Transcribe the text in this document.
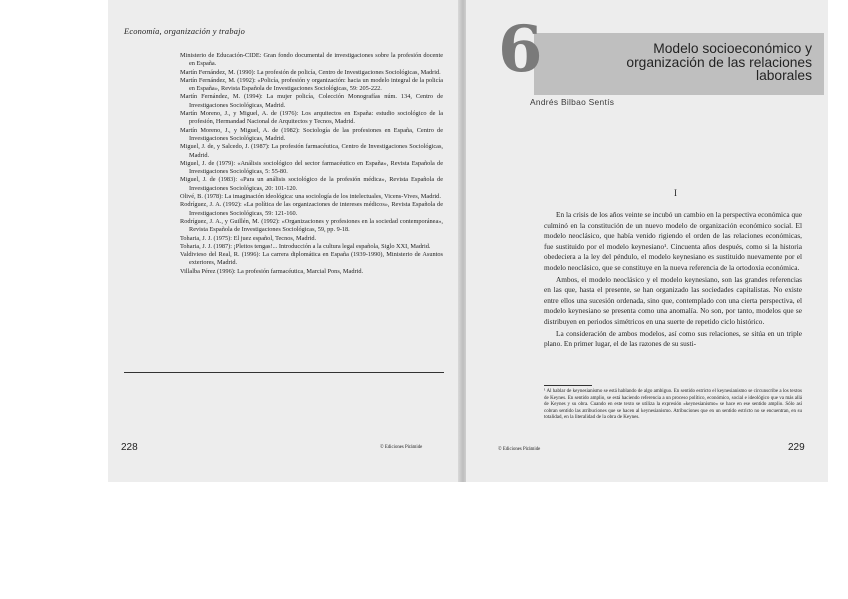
Economía, organización y trabajo

Ministerio de Educación-CIDE: Gran fondo documental de investigaciones sobre la profesión docente en España.

Martín Fernández, M. (1990): La profesión de policía, Centro de Investigaciones Sociológicas, Madrid.

Martín Fernández, M. (1992): «Policía, profesión y organización: hacia un modelo integral de la policía en España», Revista Española de Investigaciones Sociológicas, 59: 205-222.

Martín Fernández, M. (1994): La mujer policía, Colección Monografías núm. 134, Centro de Investigaciones Sociológicas, Madrid.

Martín Moreno, J., y Miguel, A. de (1976): Los arquitectos en España: estudio sociológico de la profesión, Hermandad Nacional de Arquitectos y Tecnos, Madrid.

Martín Moreno, J., y Miguel, A. de (1982): Sociología de las profesiones en España, Centro de Investigaciones Sociológicas, Madrid.

Miguel, J. de, y Salcedo, J. (1987): La profesión farmacéutica, Centro de Investigaciones Sociológicas, Madrid.

Miguel, J. de (1979): «Análisis sociológico del sector farmacéutico en España», Revista Española de Investigaciones Sociológicas, 5: 55-80.

Miguel, J. de (1983): «Para un análisis sociológico de la profesión médica», Revista Española de Investigaciones Sociológicas, 20: 101-120.

Olivé, B. (1978): La imaginación ideológica: una sociología de los intelectuales, Vicens-Vives, Madrid.

Rodríguez, J. A. (1992): «La política de las organizaciones de intereses médicos», Revista Española de Investigaciones Sociológicas, 59: 121-160.

Rodríguez, J. A., y Guillén, M. (1992): «Organizaciones y profesiones en la sociedad contemporánea», Revista Española de Investigaciones Sociológicas, 59, pp. 9-18.

Toharia, J. J. (1975): El juez español, Tecnos, Madrid.

Toharia, J. J. (1987): ¡Pleitos tengas!... Introducción a la cultura legal española, Siglo XXI, Madrid.

Valdivieso del Real, R. (1996): La carrera diplomática en España (1939-1990), Ministerio de Asuntos exteriores, Madrid.

Villalba Pérez (1996): La profesión farmacéutica, Marcial Pons, Madrid.

228	© Ediciones Pirámide
6	Modelo socioeconómico y organización de las relaciones laborales
Andrés Bilbao Sentís
I

En la crisis de los años veinte se incubó un cambio en la perspectiva económica que culminó en la constitución de un nuevo modelo de organización económico social. El modelo neoclásico, que había venido rigiendo el orden de las relaciones económicas, fue sustituido por el modelo keynesiano¹. Cincuenta años después, como si la historia obedeciera a la ley del péndulo, el modelo keynesiano es sustituido nuevamente por el modelo neoclásico, que se constituye en la nueva referencia de la ortodoxia económica.

Ambos, el modelo neoclásico y el modelo keynesiano, son las grandes referencias en las que, hasta el presente, se han organizado las sociedades capitalistas. No existe entre ellos una sucesión ordenada, sino que, contemplado con una cierta perspectiva, el modelo keynesiano se presenta como una anomalía. No son, por tanto, modelos que se distribuyen en periodos simétricos en una suerte de repetido ciclo histórico.

La consideración de ambos modelos, así como sus relaciones, se sitúa en un triple plano. En primer lugar, el de las razones de su susti-

¹ Al hablar de keynesianismo se está hablando de algo ambiguo. En sentido estricto el keynesianismo se circunscribe a los textos de Keynes. En sentido amplio, se está haciendo referencia a un proceso político, económico, social e ideológico que va más allá de Keynes y su obra. Cuando en este texto se utiliza la expresión «keynesianismo» se hace en ese sentido amplio. Sólo así cobran sentido las atribuciones que se hacen al keynesianismo. Atribuciones que en un sentido estricto no se encuentran, en su totalidad, en la literalidad de la obra de Keynes.
© Ediciones Pirámide	229
